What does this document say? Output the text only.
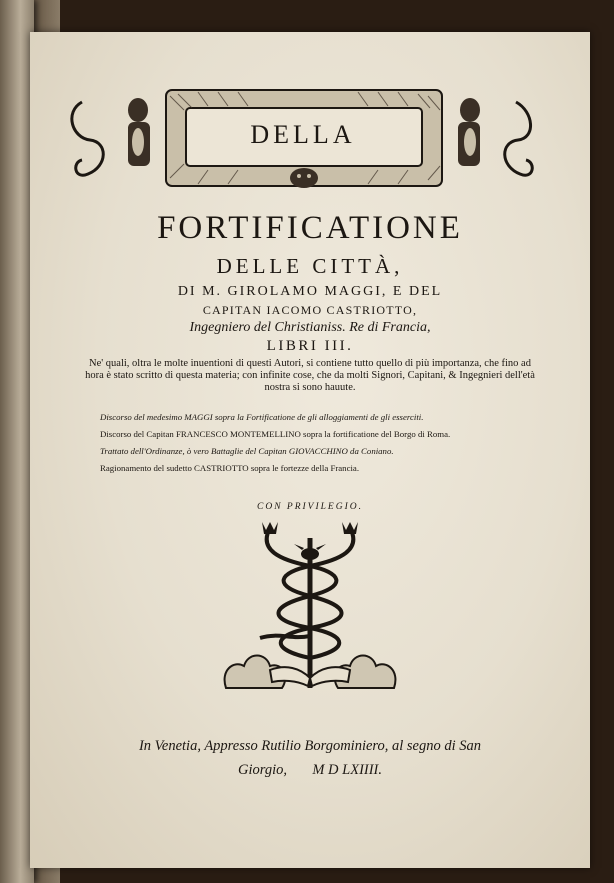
DELLA
FORTIFICATIONE
DELLE CITTÀ,
DI M. GIROLAMO MAGGI, E DEL
CAPITAN IACOMO CASTRIOTTO,
Ingegniero del Christianiss. Re di Francia,
LIBRI III.
Ne' quali, oltra le molte inuentioni di questi Autori, si contiene tutto quello di più importanza, che fino ad hora è stato scritto di questa materia; con infinite cose, che da molti Signori, Capitani, & Ingegnieri dell'età nostra si sono hauute.
Discorso del medesimo MAGGI sopra la Fortificatione de gli alloggiamenti de gli esserciti.
Discorso del Capitan FRANCESCO MONTEMELLINO sopra la fortificatione del Borgo di Roma.
Trattato dell'Ordinanze, ò vero Battaglie del Capitan GIOVACCHINO da Coniano.
Ragionamento del sudetto CASTRIOTTO sopra le fortezze della Francia.
CON PRIVILEGIO.
In Venetia, Appresso Rutilio Borgominiero, al segno di San
Giorgio,       M D LXIIII.
